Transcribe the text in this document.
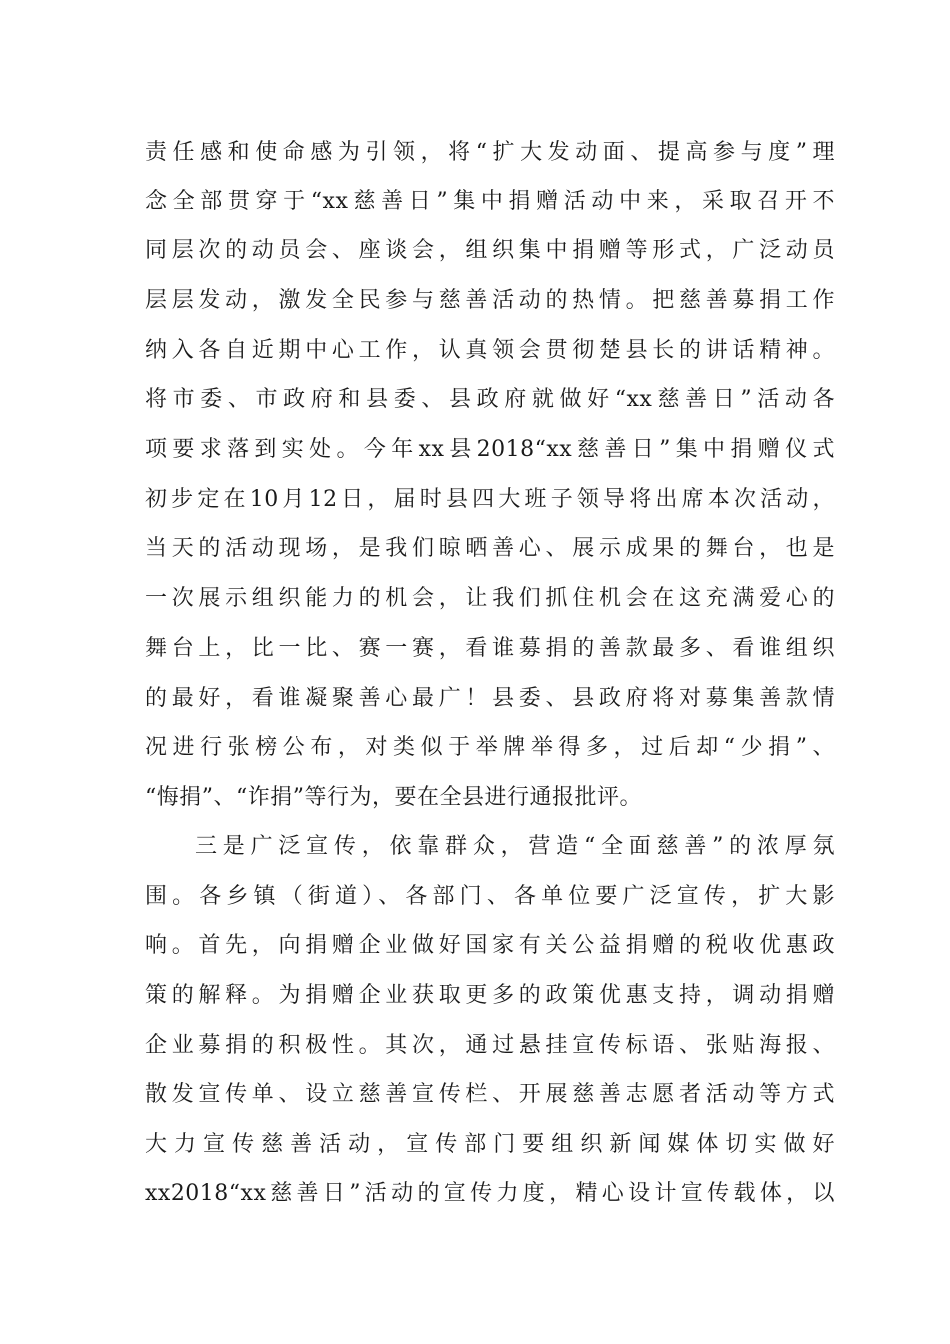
责任感和使命感为引领，将“扩大发动面、提高参与度”理
念全部贯穿于“xx慈善日”集中捐赠活动中来，采取召开不
同层次的动员会、座谈会，组织集中捐赠等形式，广泛动员
层层发动，激发全民参与慈善活动的热情。把慈善募捐工作
纳入各自近期中心工作，认真领会贯彻楚县长的讲话精神。
将市委、市政府和县委、县政府就做好“xx慈善日”活动各
项要求落到实处。今年xx县2018“xx慈善日”集中捐赠仪式
初步定在10月12日，届时县四大班子领导将出席本次活动，
当天的活动现场，是我们晾晒善心、展示成果的舞台，也是
一次展示组织能力的机会，让我们抓住机会在这充满爱心的
舞台上，比一比、赛一赛，看谁募捐的善款最多、看谁组织
的最好，看谁凝聚善心最广！县委、县政府将对募集善款情
况进行张榜公布，对类似于举牌举得多，过后却“少捐”、
“悔捐”、“诈捐”等行为，要在全县进行通报批评。
三是广泛宣传，依靠群众，营造“全面慈善”的浓厚氛
围。各乡镇（街道）、各部门、各单位要广泛宣传，扩大影
响。首先，向捐赠企业做好国家有关公益捐赠的税收优惠政
策的解释。为捐赠企业获取更多的政策优惠支持，调动捐赠
企业募捐的积极性。其次，通过悬挂宣传标语、张贴海报、
散发宣传单、设立慈善宣传栏、开展慈善志愿者活动等方式
大力宣传慈善活动，宣传部门要组织新闻媒体切实做好
xx2018“xx慈善日”活动的宣传力度，精心设计宣传载体，以
